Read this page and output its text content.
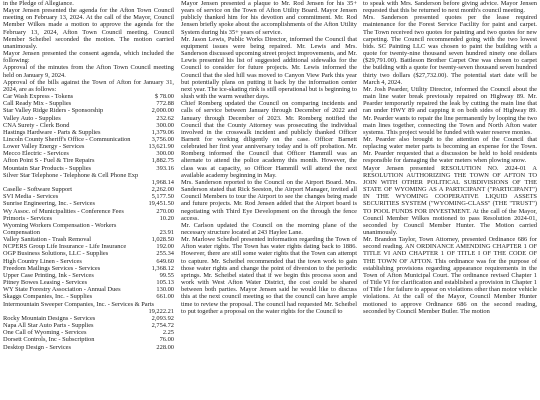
in the Pledge of Allegiance.

Mayor Jensen presented the agenda for the Afton Town Council meeting on February 13, 2024. At the call of the Mayor, Council Member Wilkes made a motion to approve the agenda for the February 13, 2024, Afton Town Council meeting. Council Member Scheibel seconded the motion. The motion carried unanimously.

Mayor Jensen presented the consent agenda, which included the following:

Approval of the minutes from the Afton Town Council meeting held on January 9, 2024.

Approval of the bills against the Town of Afton for January 31, 2024, are as follows:

Car Wash Express - Tokens	$ 78.00
Call Ready Mix - Supplies	772.88
Star Valley Ridge Riders - Sponsorship	2,000.00
Valley Auto - Supplies	232.62
CNA Surety - Clerk Bond	300.00
Hastings Hardware - Parts & Supplies	1,379.06
Lincoln County Sheriff's Office - Communication	3,756.00
Lower Valley Energy - Services	13,621.90
Mecco Electric - Services	300.00
Afton Point S - Fuel & Tire Repairs	1,882.75
Mountain Star Products - Supplies	393.16
Silver Star Telephone - Telephone & Cell Phone Exp
1,968.14
Caselle - Software Support	2,262.00
SVI Media - Services	5,177.50
Sunrise Engineering, Inc. - Services	19,451.50
Wy Assoc. of Municipalities - Conference Fees	270.00
Primoris - Services	10.20
Wyoming Workers Compensation - Workers
Compensation	23.91
Valley Sanitation - Trash Removal	1,028.50
NCPERS Group Life Insurance - Life Insurance	192.00
OGP Business Solutions, LLC - Supplies	255.34
High Country Linen - Services	649.60
Freedom Mailings Services - Services	1,368.12
Upper Case Printing, Ink - Services	99.55
Pitney Bowes Leasing - Services	105.13
WY State Forestry Association - Annual Dues	130.00
Skaggs Companies, Inc. - Supplies	661.00
Intermountain Sweeper Companies, Inc. - Services & Parts
19,222.21
Rocky Mountain Designs - Services	2,093.92
Napa All Star Auto Parts - Supplies	2,754.72
One Call of Wyoming - Services	2.25
Dorsett Controls, Inc - Subscription	76.00
Desktop Design - Services	228.00

Mayor Jensen presented a plaque to Mr. Rod Jensen for his 35+ years of service on the Town of Afton Utility Board. Mayor Jensen publicly thanked him for his devotion and commitment. Mr. Rod Jensen briefly spoke about the accomplishments of the Afton Utility System during his 35+ years of service.

Mr. Jason Lewis, Public Works Director, informed the Council that equipment issues were being repaired. Mr. Lewis and Mrs. Sanderson discussed upcoming street project improvements, and Mr. Lewis presented his list of suggested additional sidewalks for the Council to consider for future projects. Mr. Lewis informed the Council that the sled hill was moved to Canyon View Park this year but potentially plans on putting it back by the information center next year. The ice-skating rink is still operational but is beginning to slush with the warm weather days.

Chief Romberg updated the Council on comparing incidents and calls of service between January through December of 2022 and January through December of 2023. Mr. Romberg notified the Council that the County Attorney was prosecuting the individual involved in the crosswalk incident and publicly thanked Officer Barnett for working diligently on the case. Officer Barnett celebrated her first year anniversary today and is off probation. Mr. Romberg informed the Council that Officer Hammill was an alternate to attend the police academy this month. However, the class was at capacity, so Officer Hammill will attend the next available academy beginning in May.

Mrs. Sanderson reported to the Council on the Airport Board. Mrs. Sanderson stated that Rick Seeston, the Airport Manager, invited all Council Members to tour the Airport to see the changes being made and future projects. Mr. Rod Jensen added that the Airport board is negotiating with Third Eye Development on the through the fence access.

Mr. Carlson updated the Council on the morning plane of the necessary structure located at 243 Haylee Lane.

Mr. Marlowe Scheibel presented information regarding the Town of Afton water rights. The Town has water rights dating back to 1886. However, there are still some water rights that the Town can attempt to capture. Mr. Scheibel recommended that the town work to gain those water rights and change the point of diversion to the periodic springs. Mr. Scheibel stated that if we begin this process soon and work with West Afton Water District, the cost could be shared between both parties. Mayor Jensen said he would like to discuss this at the next council meeting so that the council can have ample time to review the proposal. The council had requested Mr. Scheibel to put together a proposal on the water rights for the Council to

to speak with Mrs. Sanderson before giving advice. Mayor Jensen requested that this be returned to next month's council meeting.

Mrs. Sanderson presented quotes per the lease required maintenance for the Forest Service Facility for paint and carpet. The Town received two quotes for painting and two quotes for new carpeting. The Council recommended going with the two lowest bids. SC Painting LLC was chosen to paint the building with a quote for twenty-nine thousand seven hundred ninety one dollars ($29,791.00). Battleson Brother Carpet One was chosen to carpet the building with a quote for twenty-seven thousand seven hundred thirty two dollars ($27,732.00). The potential start date will be March 4, 2024.

Mr. Josh Pearder, Utility Director, informed the Council about the main line water break previously repaired on Highway 89. Mr. Pearder temporarily repaired the leak by cutting the main line that ran under HWY 89 and capping it on both sides of Highway 89. Mr. Pearder wants to repair the line permanently by looping the two main lines together, connecting the Town and North Afton water systems. This project would be funded with water reserve monies.

Mr. Pearder also brought to the attention of the Council that replacing water meter parts is becoming an expense for the Town. Mr. Pearder requested that a discussion be held to hold residents responsible for damaging the water meters when plowing snow.

Mayor Jensen presented RESOLUTION NO. 2024-01 A RESOLUTION AUTHORIZING THE TOWN OF AFTON TO JOIN WITH OTHER POLITICAL SUBDIVISIONS OF THE STATE OF WYOMING AS A PARTICIPANT ("PARTICIPANT") IN THE WYOMING COOPERATIVE LIQUID ASSETS SECURITIES SYSTEM ("WYOMING-CLASS" (THE "TRUST") TO POOL FUNDS FOR INVESTMENT. At the call of the Mayor, Council Member Wilkes motioned to pass Resolution 2024-01, seconded by Council Member Hunter. The Motion carried unanimously.

Mr. Brandon Taylor, Town Attorney, presented Ordinance 686 for second reading. AN ORDINANCE AMENDING CHAPTER 1 OF TITLE VI AND CHAPTER 1 OF TITLE I OF THE CODE OF THE TOWN OF AFTON. This ordinance was for the purpose of establishing provisions regarding appearance requirements in the Town of Afton Municipal Court. The ordinance revised Chapter 1 of Title VI for clarification and established a provision in Chapter 1 of Title I for failure to appear on violations other than motor vehicle violations. At the call of the Mayor, Council Member Hunter motioned to approve Ordinance 686 on the second reading, seconded by Council Member Butler. The motion
